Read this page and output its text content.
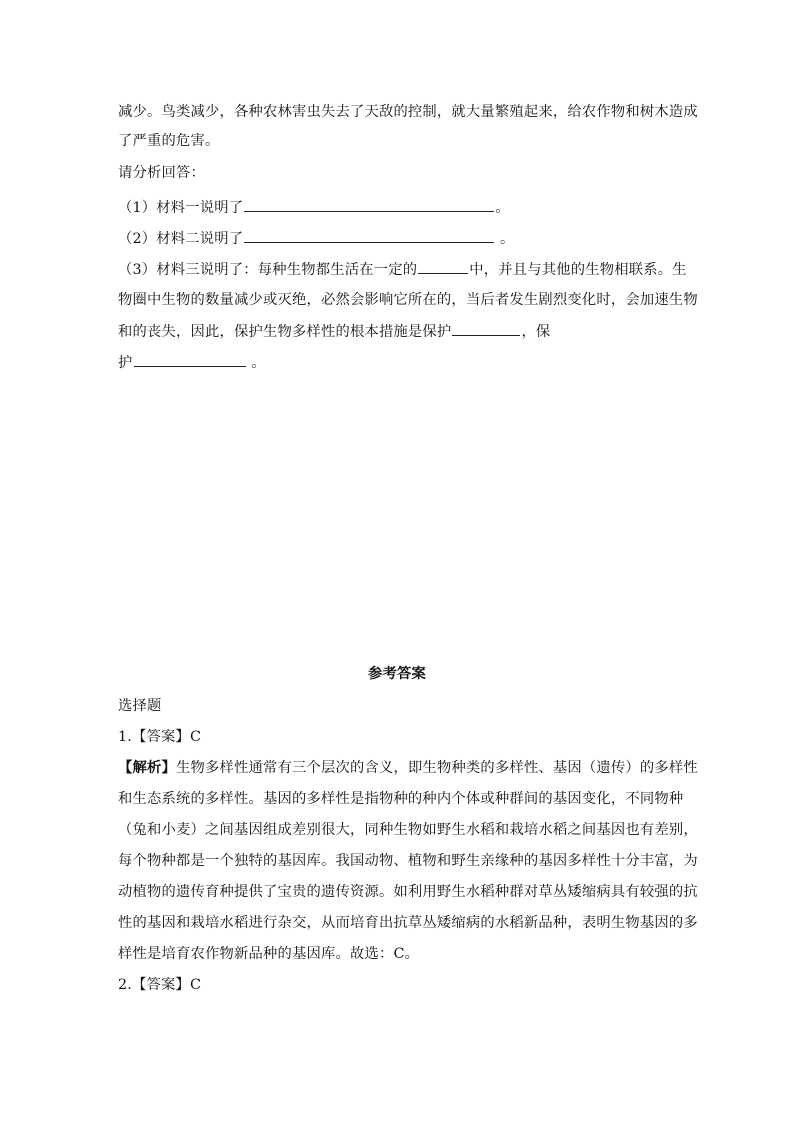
减少。鸟类减少，各种农林害虫失去了天敌的控制，就大量繁殖起来，给农作物和树木造成
了严重的危害。
请分析回答：
（1）材料一说明了	。
（2）材料二说明了	。
（3）材料三说明了：每种生物都生活在一定的	中，并且与其他的生物相联系。生
物圈中生物的数量减少或灭绝，必然会影响它所在的，当后者发生剧烈变化时，会加速生物
和的丧失，因此，保护生物多样性的根本措施是保护	，保
护	。
参考答案
选择题
1.【答案】C
【解析】生物多样性通常有三个层次的含义，即生物种类的多样性、基因（遗传）的多样性
和生态系统的多样性。基因的多样性是指物种的种内个体或种群间的基因变化，不同物种
（兔和小麦）之间基因组成差别很大，同种生物如野生水稻和栽培水稻之间基因也有差别，
每个物种都是一个独特的基因库。我国动物、植物和野生亲缘种的基因多样性十分丰富，为
动植物的遗传育种提供了宝贵的遗传资源。如利用野生水稻种群对草丛矮缩病具有较强的抗
性的基因和栽培水稻进行杂交，从而培育出抗草丛矮缩病的水稻新品种，表明生物基因的多
样性是培育农作物新品种的基因库。故选：C。
2.【答案】C
